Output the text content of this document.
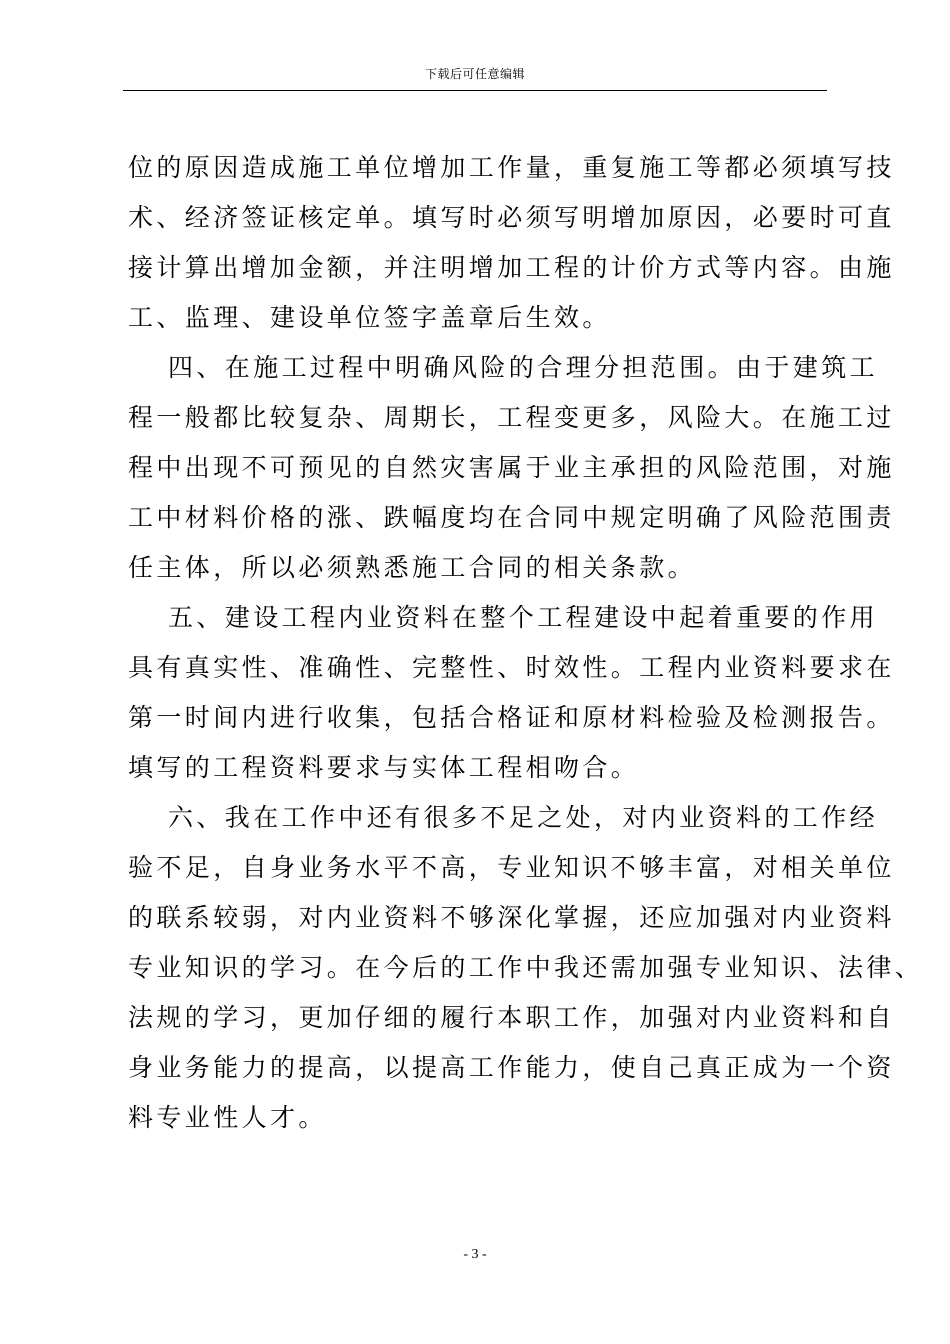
下载后可任意编辑

位的原因造成施工单位增加工作量，重复施工等都必须填写技
术、经济签证核定单。填写时必须写明增加原因，必要时可直
接计算出增加金额，并注明增加工程的计价方式等内容。由施
工、监理、建设单位签字盖章后生效。

四、在施工过程中明确风险的合理分担范围。由于建筑工
程一般都比较复杂、周期长，工程变更多，风险大。在施工过
程中出现不可预见的自然灾害属于业主承担的风险范围，对施
工中材料价格的涨、跌幅度均在合同中规定明确了风险范围责
任主体，所以必须熟悉施工合同的相关条款。

五、建设工程内业资料在整个工程建设中起着重要的作用
具有真实性、准确性、完整性、时效性。工程内业资料要求在
第一时间内进行收集，包括合格证和原材料检验及检测报告。
填写的工程资料要求与实体工程相吻合。

六、我在工作中还有很多不足之处，对内业资料的工作经
验不足，自身业务水平不高，专业知识不够丰富，对相关单位
的联系较弱，对内业资料不够深化掌握，还应加强对内业资料
专业知识的学习。在今后的工作中我还需加强专业知识、法律、
法规的学习，更加仔细的履行本职工作，加强对内业资料和自
身业务能力的提高，以提高工作能力，使自己真正成为一个资
料专业性人才。

- 3 -
